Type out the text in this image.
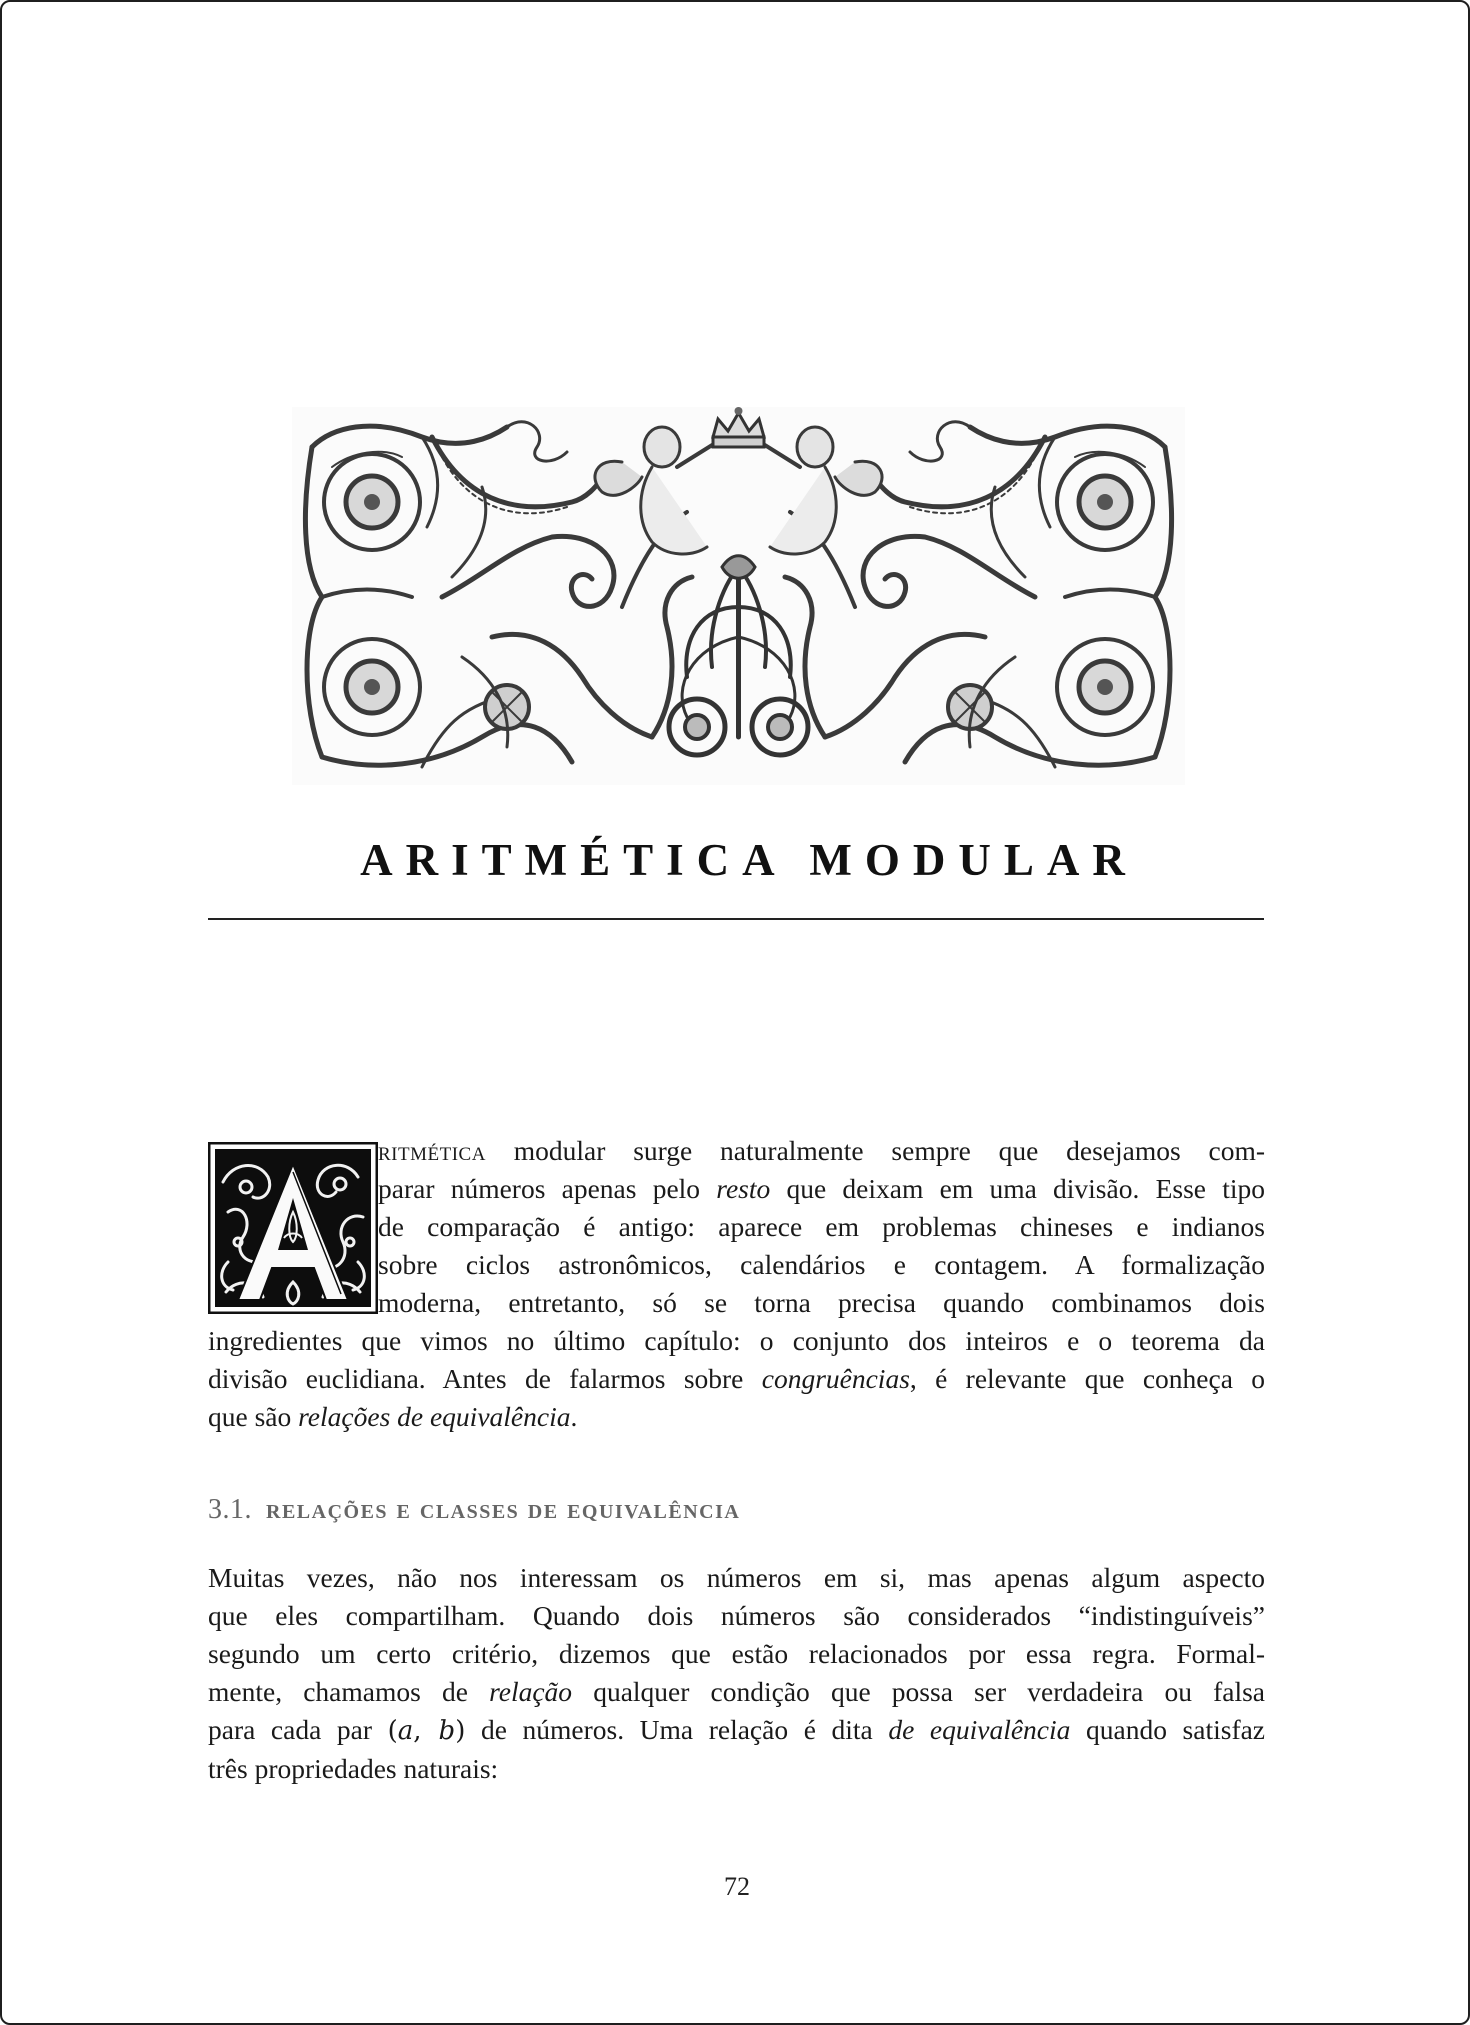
ARITMÉTICA MODULAR
ritmética modular surge naturalmente sempre que desejamos com-
parar números apenas pelo resto que deixam em uma divisão. Esse tipo
de comparação é antigo: aparece em problemas chineses e indianos
sobre ciclos astronômicos, calendários e contagem. A formalização
moderna, entretanto, só se torna precisa quando combinamos dois
ingredientes que vimos no último capítulo: o conjunto dos inteiros e o teorema da
divisão euclidiana. Antes de falarmos sobre congruências, é relevante que conheça o
que são relações de equivalência.
3.1. relações e classes de equivalência
Muitas vezes, não nos interessam os números em si, mas apenas algum aspecto
que eles compartilham. Quando dois números são considerados “indistinguíveis”
segundo um certo critério, dizemos que estão relacionados por essa regra. Formal-
mente, chamamos de relação qualquer condição que possa ser verdadeira ou falsa
para cada par (a, b) de números. Uma relação é dita de equivalência quando satisfaz
três propriedades naturais:
72
